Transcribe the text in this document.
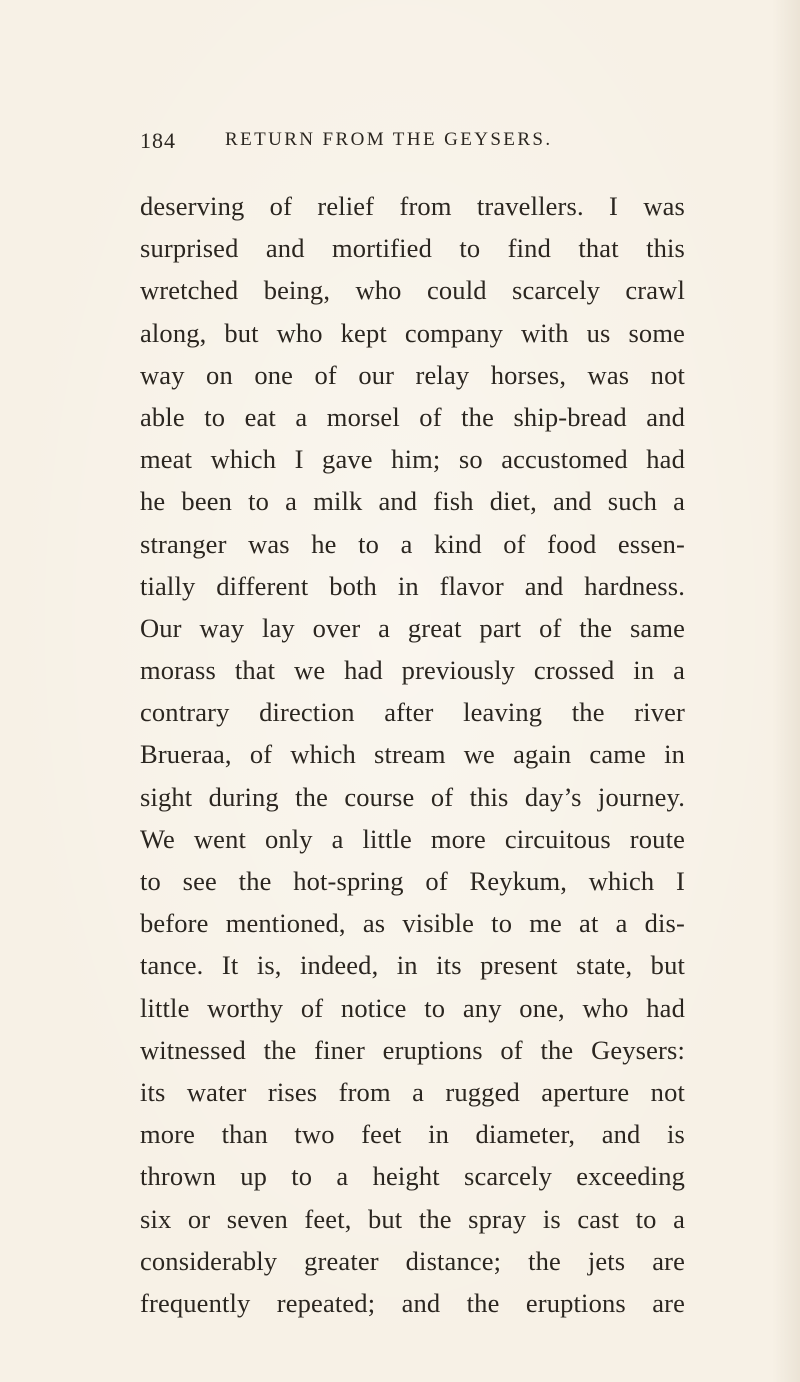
184	RETURN FROM THE GEYSERS.
deserving of relief from travellers. I was
surprised and mortified to find that this
wretched being, who could scarcely crawl
along, but who kept company with us some
way on one of our relay horses, was not
able to eat a morsel of the ship-bread and
meat which I gave him; so accustomed had
he been to a milk and fish diet, and such a
stranger was he to a kind of food essen-
tially different both in flavor and hardness.
Our way lay over a great part of the same
morass that we had previously crossed in a
contrary direction after leaving the river
Brueraa, of which stream we again came in
sight during the course of this day’s journey.
We went only a little more circuitous route
to see the hot-spring of Reykum, which I
before mentioned, as visible to me at a dis-
tance. It is, indeed, in its present state, but
little worthy of notice to any one, who had
witnessed the finer eruptions of the Geysers:
its water rises from a rugged aperture not
more than two feet in diameter, and is
thrown up to a height scarcely exceeding
six or seven feet, but the spray is cast to a
considerably greater distance; the jets are
frequently repeated; and the eruptions are
